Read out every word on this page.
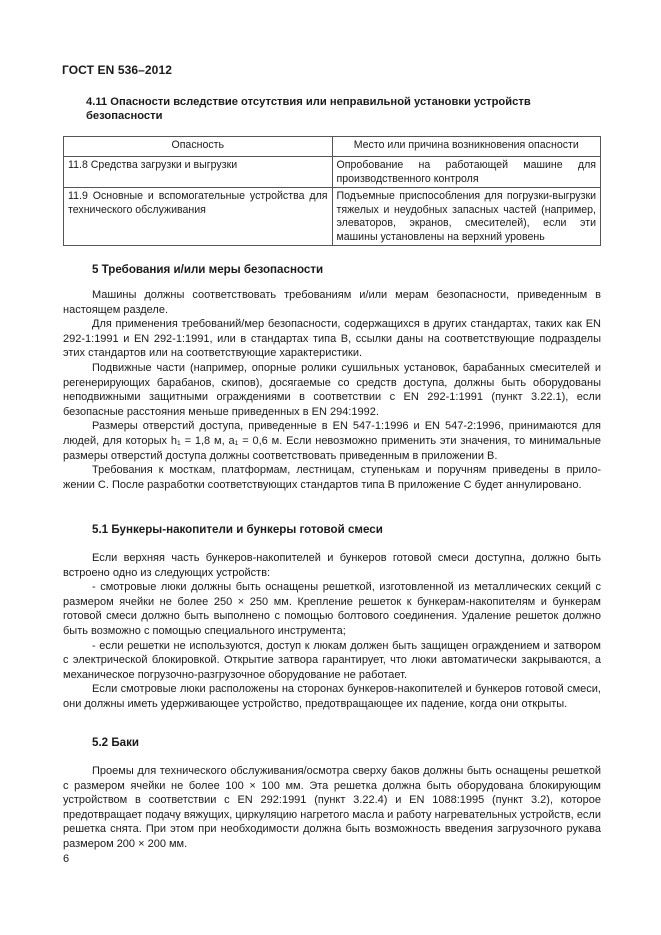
ГОСТ EN 536–2012
4.11 Опасности вследствие отсутствия или неправильной установки устройств безопасности
Опасность	Место или причина возникновения опасности
11.8 Средства загрузки и выгрузки	Опробование на работающей машине для производственного контроля
11.9 Основные и вспомогательные устройства для технического обслуживания	Подъемные приспособления для погрузки-выгрузки тяжелых и неудобных запасных частей (например, элеваторов, экранов, смесителей), если эти машины установлены на верхний уровень
5 Требования и/или меры безопасности

Машины должны соответствовать требованиям и/или мерам безопасности, приведенным в настоящем разделе.

Для применения требований/мер безопасности, содержащихся в других стандартах, таких как EN 292-1:1991 и EN 292-1:1991, или в стандартах типа В, ссылки даны на соответствующие подразделы этих стандартов или на соответствующие характеристики.

Подвижные части (например, опорные ролики сушильных установок, барабанных смесителей и регенерирующих барабанов, скипов), досягаемые со средств доступа, должны быть оборудованы неподвижными защитными ограждениями в соответствии с EN 292-1:1991 (пункт 3.22.1), если безопасные расстояния меньше приведенных в EN 294:1992.

Размеры отверстий доступа, приведенные в EN 547-1:1996 и EN 547-2:1996, принимаются для людей, для которых h₁ = 1,8 м, a₁ = 0,6 м. Если невозможно применить эти значения, то минимальные размеры отверстий доступа должны соответствовать приведенным в приложении В.

Требования к мосткам, платформам, лестницам, ступенькам и поручням приведены в прило-жении С. После разработки соответствующих стандартов типа В приложение С будет аннулировано.

5.1 Бункеры-накопители и бункеры готовой смеси

Если верхняя часть бункеров-накопителей и бункеров готовой смеси доступна, должно быть встроено одно из следующих устройств:

- смотровые люки должны быть оснащены решеткой, изготовленной из металлических секций с размером ячейки не более 250 × 250 мм. Крепление решеток к бункерам-накопителям и бункерам готовой смеси должно быть выполнено с помощью болтового соединения. Удаление решеток должно быть возможно с помощью специального инструмента;

- если решетки не используются, доступ к люкам должен быть защищен ограждением и затвором с электрической блокировкой. Открытие затвора гарантирует, что люки автоматически закрываются, а механическое погрузочно-разгрузочное оборудование не работает.

Если смотровые люки расположены на сторонах бункеров-накопителей и бункеров готовой смеси, они должны иметь удерживающее устройство, предотвращающее их падение, когда они открыты.

5.2 Баки

Проемы для технического обслуживания/осмотра сверху баков должны быть оснащены решеткой с размером ячейки не более 100 × 100 мм. Эта решетка должна быть оборудована блокирующим устройством в соответствии с EN 292:1991 (пункт 3.22.4) и EN 1088:1995 (пункт 3.2), которое предотвращает подачу вяжущих, циркуляцию нагретого масла и работу нагревательных устройств, если решетка снята. При этом при необходимости должна быть возможность введения загрузочного рукава размером 200 × 200 мм.

6
